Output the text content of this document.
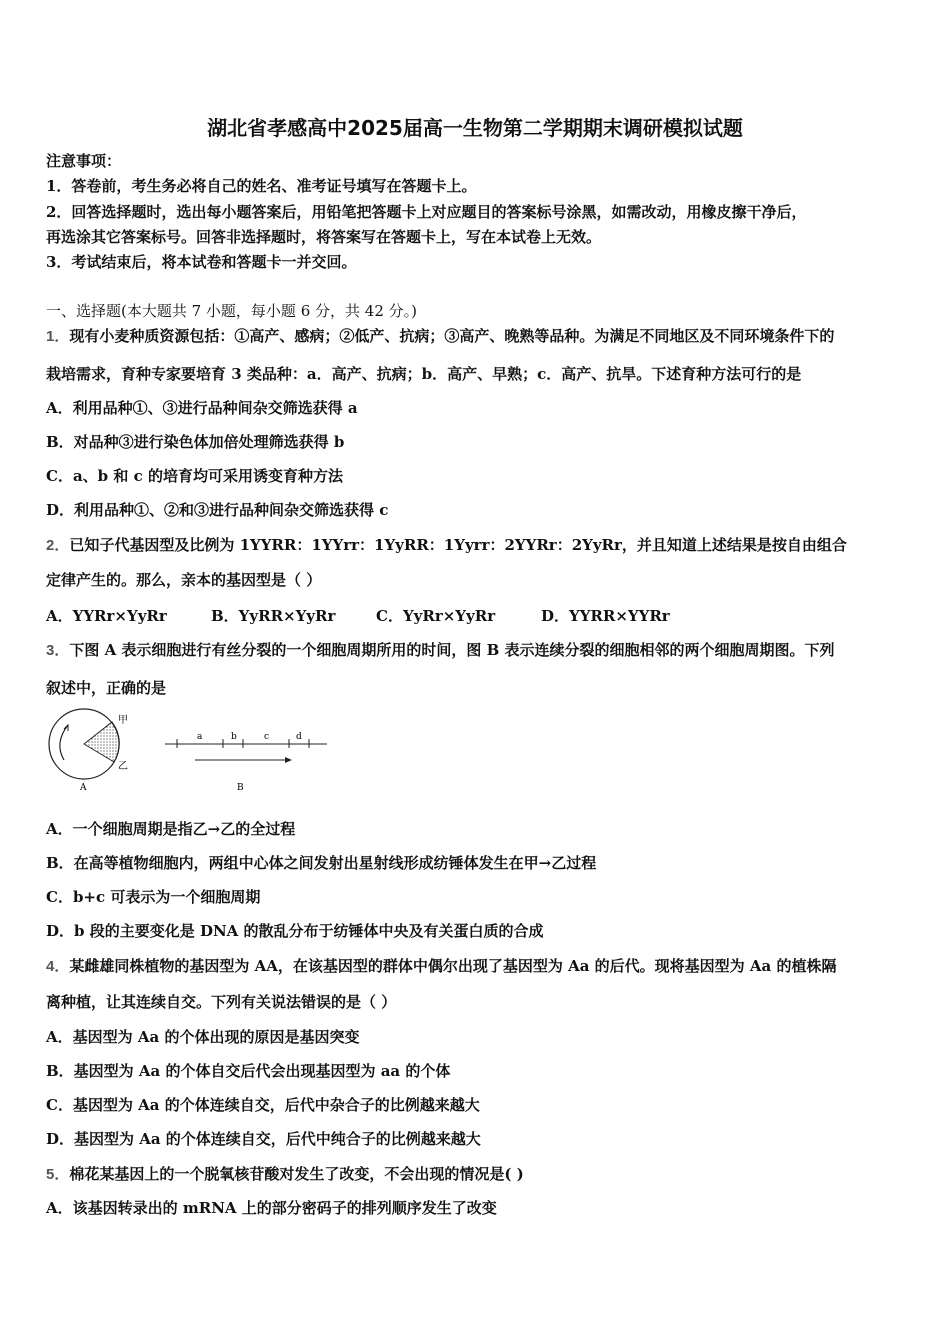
湖北省孝感高中2025届高一生物第二学期期末调研模拟试题
注意事项：
1．答卷前，考生务必将自己的姓名、准考证号填写在答题卡上。
2．回答选择题时，选出每小题答案后，用铅笔把答题卡上对应题目的答案标号涂黑，如需改动，用橡皮擦干净后，
再选涂其它答案标号。回答非选择题时，将答案写在答题卡上，写在本试卷上无效。
3．考试结束后，将本试卷和答题卡一并交回。
一、选择题(本大题共 7 小题，每小题 6 分，共 42 分。)
1．现有小麦种质资源包括：①高产、感病；②低产、抗病；③高产、晚熟等品种。为满足不同地区及不同环境条件下的
栽培需求，育种专家要培育 3 类品种：a．高产、抗病；b．高产、早熟；c．高产、抗旱。下述育种方法可行的是
A．利用品种①、③进行品种间杂交筛选获得 a
B．对品种③进行染色体加倍处理筛选获得 b
C．a、b 和 c 的培育均可采用诱变育种方法
D．利用品种①、②和③进行品种间杂交筛选获得 c
2．已知子代基因型及比例为 1YYRR：1YYrr：1YyRR：1Yyrr：2YYRr：2YyRr，并且知道上述结果是按自由组合
定律产生的。那么，亲本的基因型是（ ）
A．YYRr×YyRr	B．YyRR×YyRr	C．YyRr×YyRr	D．YYRR×YYRr
3．下图 A 表示细胞进行有丝分裂的一个细胞周期所用的时间，图 B 表示连续分裂的细胞相邻的两个细胞周期图。下列
叙述中，正确的是
甲
乙
A
a	b	c	d
B
A．一个细胞周期是指乙→乙的全过程
B．在高等植物细胞内，两组中心体之间发射出星射线形成纺锤体发生在甲→乙过程
C．b+c 可表示为一个细胞周期
D．b 段的主要变化是 DNA 的散乱分布于纺锤体中央及有关蛋白质的合成
4．某雌雄同株植物的基因型为 AA，在该基因型的群体中偶尔出现了基因型为 Aa 的后代。现将基因型为 Aa 的植株隔
离种植，让其连续自交。下列有关说法错误的是（ ）
A．基因型为 Aa 的个体出现的原因是基因突变
B．基因型为 Aa 的个体自交后代会出现基因型为 aa 的个体
C．基因型为 Aa 的个体连续自交，后代中杂合子的比例越来越大
D．基因型为 Aa 的个体连续自交，后代中纯合子的比例越来越大
5．棉花某基因上的一个脱氧核苷酸对发生了改变，不会出现的情况是( )
A．该基因转录出的 mRNA 上的部分密码子的排列顺序发生了改变
